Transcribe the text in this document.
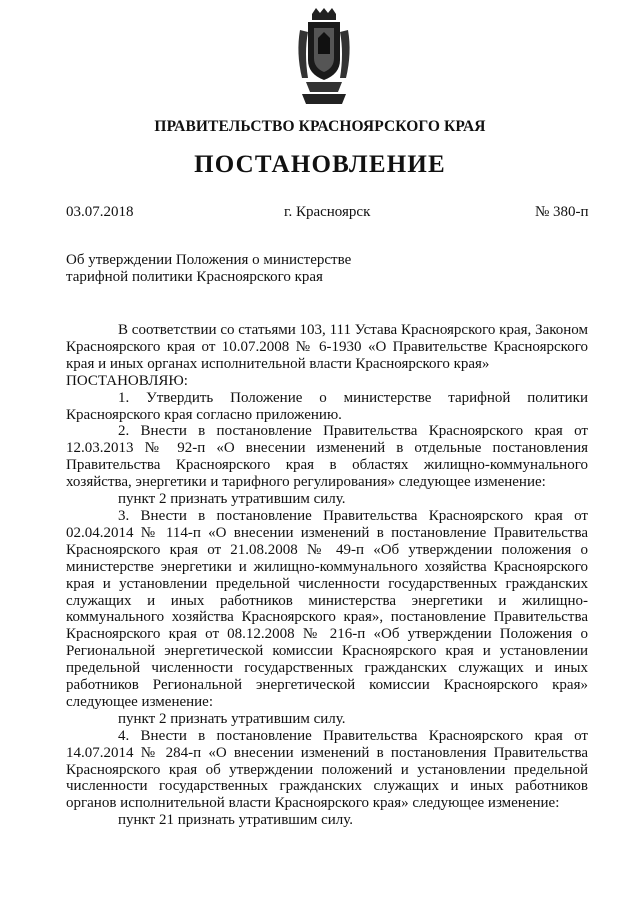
ПРАВИТЕЛЬСТВО КРАСНОЯРСКОГО КРАЯ
ПОСТАНОВЛЕНИЕ
03.07.2018	г. Красноярск	№ 380-п
Об утверждении Положения о министерстве
тарифной политики Красноярского края

В соответствии со статьями 103, 111 Устава Красноярского края, Законом Красноярского края от 10.07.2008 № 6-1930 «О Правительстве Красноярского края и иных органах исполнительной власти Красноярского края»

ПОСТАНОВЛЯЮ:

1. Утвердить Положение о министерстве тарифной политики Красноярского края согласно приложению.

2. Внести в постановление Правительства Красноярского края от 12.03.2013 № 92-п «О внесении изменений в отдельные постановления Правительства Красноярского края в областях жилищно-коммунального хозяйства, энергетики и тарифного регулирования» следующее изменение:

пункт 2 признать утратившим силу.

3. Внести в постановление Правительства Красноярского края от 02.04.2014 № 114-п «О внесении изменений в постановление Правительства Красноярского края от 21.08.2008 № 49-п «Об утверждении положения о министерстве энергетики и жилищно-коммунального хозяйства Красноярского края и установлении предельной численности государственных гражданских служащих и иных работников министерства энергетики и жилищно-коммунального хозяйства Красноярского края», постановление Правительства Красноярского края от 08.12.2008 № 216-п «Об утверждении Положения о Региональной энергетической комиссии Красноярского края и установлении предельной численности государственных гражданских служащих и иных работников Региональной энергетической комиссии Красноярского края» следующее изменение:

пункт 2 признать утратившим силу.

4. Внести в постановление Правительства Красноярского края от 14.07.2014 № 284-п «О внесении изменений в постановления Правительства Красноярского края об утверждении положений и установлении предельной численности государственных гражданских служащих и иных работников органов исполнительной власти Красноярского края» следующее изменение:

пункт 21 признать утратившим силу.
